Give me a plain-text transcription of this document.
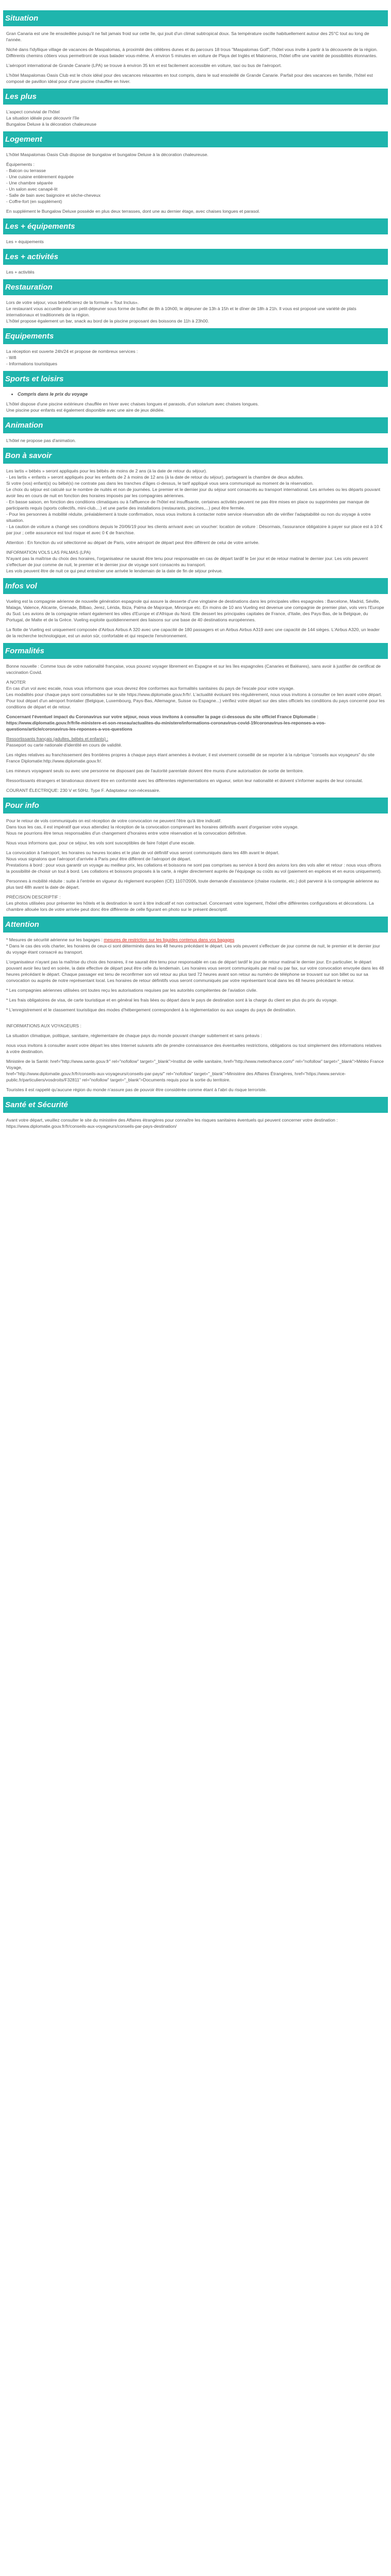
Situation

Gran Canaria est une île ensoleillée puisqu'il ne fait jamais froid sur cette île, qui jouit d'un climat subtropical doux. Sa température oscille habituellement autour des 25°C tout au long de l'année.

Niché dans l'idyllique village de vacances de Maspalomas, à proximité des célèbres dunes et du parcours 18 trous "Maspalomas Golf", l'hôtel vous invite à partir à la découverte de la région. Différents chemins côtiers vous permettront de vous balader vous-même. À environ 5 minutes en voiture de Playa del Inglés et Maloneros, l'hôtel offre une variété de possibilités étonnantes.

L'aéroport international de Grande Canarie (LPA) se trouve à environ 35 km et est facilement accessible en voiture, taxi ou bus de l'aéroport.

L'hôtel Maspalomas Oasis Club est le choix idéal pour des vacances relaxantes en tout compris, dans le sud ensoleillé de Grande Canarie. Parfait pour des vacances en famille, l'hôtel est composé de pavillon idéal pour d'une piscine chauffée en hiver.

Les plus

L'aspect convivial de l'hôtel

La situation idéale pour découvrir l'île

Bungalow Deluxe à la décoration chaleureuse

Logement

L'hôtel Maspalomas Oasis Club dispose de bungalow et bungalow Deluxe à la décoration chaleureuse.

Équipements :

- Balcon ou terrasse

- Une cuisine entièrement équipée

- Une chambre séparée

- Un salon avec canapé-lit

- Salle de bain avec baignoire et sèche-cheveux

- Coffre-fort (en supplément)

En supplément le Bungalow Deluxe possède en plus deux terrasses, dont une au dernier étage, avec chaises longues et parasol.

Les + équipements

Les + équipements

Les + activités

Les + activités

Restauration

Lors de votre séjour, vous bénéficierez de la formule « Tout Inclus».

Le restaurant vous accueille pour un petit-déjeuner sous forme de buffet de 8h à 10h00, le déjeuner de 13h à 15h et le dîner de 18h à 21h. Il vous est proposé une variété de plats internationaux et traditionnels de la région.

L'hôtel propose également un bar, snack au bord de la piscine proposant des boissons de 11h à 23h00.

Equipements

La réception est ouverte 24h/24 et propose de nombreux services :

- Wifi

- Informations touristiques

Sports et loisirs
• Compris dans le prix du voyage

L'hôtel dispose d'une piscine extérieure chauffée en hiver avec chaises longues et parasols, d'un solarium avec chaises longues.

Une piscine pour enfants est également disponible avec une aire de jeux dédiée.

Animation

L'hôtel ne propose pas d'animation.

Bon à savoir

Les lartis « bébés » seront appliqués pour les bébés de moins de 2 ans (à la date de retour du séjour).

- Les lartis « enfants » seront appliqués pour les enfants de 2 à moins de 12 ans (à la date de retour du séjour), partageant la chambre de deux adultes.

Si votre (vos) enfant(s) ou bébé(s) ne contrate pas dans les tranches d'âges ci-dessus, le tarif appliqué vous sera communiqué au moment de la réservation.

Le choix du séjour est calculé sur le nombre de nuités et non de journées. Le premier et le dernier jour du séjour sont consacrés au transport international. Les arrivées ou les départs pouvant avoir lieu en cours de nuit en fonction des horaires imposés par les compagnies aériennes.

- En basse saison, en fonction des conditions climatiques ou à l'affluence de l'hôtel est insuffisante, certaines activités peuvent ne pas être mises en place ou supprimées par manque de participants requis (sports collectifs, mini-club,...) et une partie des installations (restaurants, piscines,...) peut être fermée.

- Pour les personnes à mobilité réduite, préalablement à toute confirmation, nous vous invitons à contacter notre service réservation afin de vérifier l'adaptabilité ou non du voyage à votre situation.

- La caution de voiture a changé ses conditions depuis le 20/06/19 pour les clients arrivant avec un voucher: location de voiture : Désormais, l'assurance obligatoire à payer sur place est à 10 € par jour ; cette assurance est tout risque et avec 0 € de franchise.

Attention : En fonction du vol sélectionné au départ de Paris, votre aéroport de départ peut être différent de celui de votre arrivée.

INFORMATION VOLS LAS PALMAS (LPA)

N'ayant pas la maîtrise du choix des horaires, l'organisateur ne saurait être tenu pour responsable en cas de départ tardif le 1er jour et de retour matinal le dernier jour. Les vols peuvent s'effectuer de jour comme de nuit, le premier et le dernier jour de voyage sont consacrés au transport.

Les vols peuvent être de nuit ce qui peut entraîner une arrivée le lendemain de la date de fin de séjour prévue.

Infos vol

Vueling est la compagnie aérienne de nouvelle génération espagnole qui assure la desserte d'une vingtaine de destinations dans les principales villes espagnoles : Barcelone, Madrid, Séville, Malaga, Valence, Alicante, Grenade, Bilbao, Jerez, Lérida, Ibiza, Palma de Majorque, Minorque etc. En moins de 10 ans Vueling est devenue une compagnie de premier plan, vols vers l'Europe du Sud. Les avions de la compagnie reliant également les villes d'Europe et d'Afrique du Nord. Elle dessert les principales capitales de France, d'Italie, des Pays-Bas, de la Belgique, du Portugal, de Malte et de la Grèce. Vueling exploite quotidiennement des liaisons sur une base de 40 destinations européennes.

La flotte de Vueling est uniquement composée d'Airbus Airbus A 320 avec une capacité de 180 passagers et un Airbus Airbus A319 avec une capacité de 144 sièges. L'Airbus A320, un leader de la recherche technologique, est un avion sûr, confortable et qui respecte l'environnement.

Formalités

Bonne nouvelle : Comme tous de votre nationalité française, vous pouvez voyager librement en Espagne et sur les îles espagnoles (Canaries et Baléares), sans avoir à justifier de certificat de vaccination Covid.

A NOTER

En cas d'un vol avec escale, nous vous informons que vous devrez être conformes aux formalités sanitaires du pays de l'escale pour votre voyage.

Les modalités pour chaque pays sont consultables sur le site https://www.diplomatie.gouv.fr/fr/. L'actualité évoluant très régulièrement, nous vous invitons à consulter ce lien avant votre départ.

Pour tout départ d'un aéroport frontalier (Belgique, Luxembourg, Pays-Bas, Allemagne, Suisse ou Espagne...) vérifiez votre départ sur des sites officiels les conditions du pays concerné pour les conditions de départ et de retour.

Concernant l'éventuel impact du Coronavirus sur votre séjour, nous vous invitons à consulter la page ci-dessous du site officiel France Diplomatie :

https://www.diplomatie.gouv.fr/fr/le-ministere-et-son-reseau/actualites-du-ministere/informations-coronavirus-covid-19/coronavirus-les-reponses-a-vos-questions/article/coronavirus-les-reponses-a-vos-questions

Ressortissants français (adultes, bébés et enfants) :

Passeport ou carte nationale d'identité en cours de validité.

Les règles relatives au franchissement des frontières propres à chaque pays étant amenées à évoluer, il est vivement conseillé de se reporter à la rubrique "conseils aux voyageurs" du site France Diplomatie:http://www.diplomatie.gouv.fr/.

Les mineurs voyageant seuls ou avec une personne ne disposant pas de l'autorité parentale doivent être munis d'une autorisation de sortie de territoire.

Ressortissants étrangers et binationaux doivent être en conformité avec les différentes réglementations en vigueur, selon leur nationalité et doivent s'informer auprès de leur consulat.

COURANT ÉLECTRIQUE: 230 V et 50Hz. Type F. Adaptateur non-nécessaire.

Pour info

Pour le retour de vols communiqués on est réception de votre convocation ne peuvent l'être qu'à titre indicatif.

Dans tous les cas, il est impératif que vous attendiez la réception de la convocation comprenant les horaires définitifs avant d'organiser votre voyage.

Nous ne pourrions être tenus responsables d'un changement d'horaires entre votre réservation et la convocation définitive.

Nous vous informons que, pour ce séjour, les vols sont susceptibles de faire l'objet d'une escale.

La convocation à l'aéroport, les horaires ou heures locales et le plan de vol définitif vous seront communiqués dans les 48h avant le départ.

Nous vous signalons que l'aéroport d'arrivée à Paris peut être différent de l'aéroport de départ.

Prestations à bord : pour vous garantir un voyage au meilleur prix, les collations et boissons ne sont pas comprises au service à bord des avions lors des vols aller et retour : nous vous offrons la possibilité de choisir un tout à bord. Les collations et boissons proposés à la carte, à régler directement auprès de l'équipage ou coûts au vol (paiement en espèces et en euros uniquement).

Personnes à mobilité réduite : suite à l'entrée en vigueur du règlement européen (CE) 1107/2006, toute demande d'assistance (chaise roulante, etc.) doit parvenir à la compagnie aérienne au plus tard 48h avant la date de départ.

PRÉCISION DESCRIPTIF :

Les photos utilisées pour présenter les hôtels et la destination le sont à titre indicatif et non contractuel. Concernant votre logement, l'hôtel offre différentes configurations et décorations. La chambre allouée lors de votre arrivée peut donc être différente de celle figurant en photo sur le présent descriptif.

Attention

* Mesures de sécurité aérienne sur les bagages : mesures de restriction sur les liquides contenus dans vos bagages

* Dans le cas des vols charter, les horaires de ceux-ci sont déterminés dans les 48 heures précédant le départ. Les vols peuvent s'effectuer de jour comme de nuit, le premier et le dernier jour du voyage étant consacré au transport.

L'organisateur n'ayant pas la maîtrise du choix des horaires, il ne saurait être tenu pour responsable en cas de départ tardif le jour de retour matinal le dernier jour. En particulier, le départ pouvant avoir lieu tard en soirée, la date effective de départ peut être celle du lendemain. Les horaires vous seront communiqués par mail ou par fax, sur votre convocation envoyée dans les 48 heures précédant le départ. Chaque passager est tenu de reconfirmer son vol retour au plus tard 72 heures avant son retour au numéro de téléphone se trouvant sur son billet ou sur sa convocation ou auprès de notre représentant local. Les horaires de retour définitifs vous seront communiqués par votre représentant local dans les 48 heures précédant le retour.

* Les compagnies aériennes utilisées ont toutes reçu les autorisations requises par les autorités compétentes de l'aviation civile.

* Les frais obligatoires de visa, de carte touristique et en général les frais liées ou départ dans le pays de destination sont à la charge du client en plus du prix du voyage.

* L'enregistrement et le classement touristique des modes d'hébergement correspondent à la réglementation ou aux usages du pays de destination.

INFORMATIONS AUX VOYAGEURS :

La situation climatique, politique, sanitaire, réglementaire de chaque pays du monde pouvant changer subitement et sans préavis :

nous vous invitons à consulter avant votre départ les sites Internet suivants afin de prendre connaissance des éventuelles restrictions, obligations ou tout simplement des informations relatives à votre destination.

Ministère de la Santé: href="http://www.sante.gouv.fr" rel="nofollow" target="_blank">Institut de veille sanitaire, href="http://www.meteofrance.com/" rel="nofollow" target="_blank">Météo France Voyage,

href="http://www.diplomatie.gouv.fr/fr/conseils-aux-voyageurs/conseils-par-pays/" rel="nofollow" target="_blank">Ministère des Affaires Étrangères, href="https://www.service-public.fr/particuliers/vosdroits/F32811" rel="nofollow" target="_blank">Documents requis pour la sortie du territoire.

Touristes il est rappelé qu'aucune région du monde n'assure pas de pouvoir être considérée comme étant à l'abri du risque terroriste.

Santé et Sécurité

Avant votre départ, veuillez consulter le site du ministère des Affaires étrangères pour connaître les risques sanitaires éventuels qui peuvent concerner votre destination : https://www.diplomatie.gouv.fr/fr/conseils-aux-voyageurs/conseils-par-pays-destination/
